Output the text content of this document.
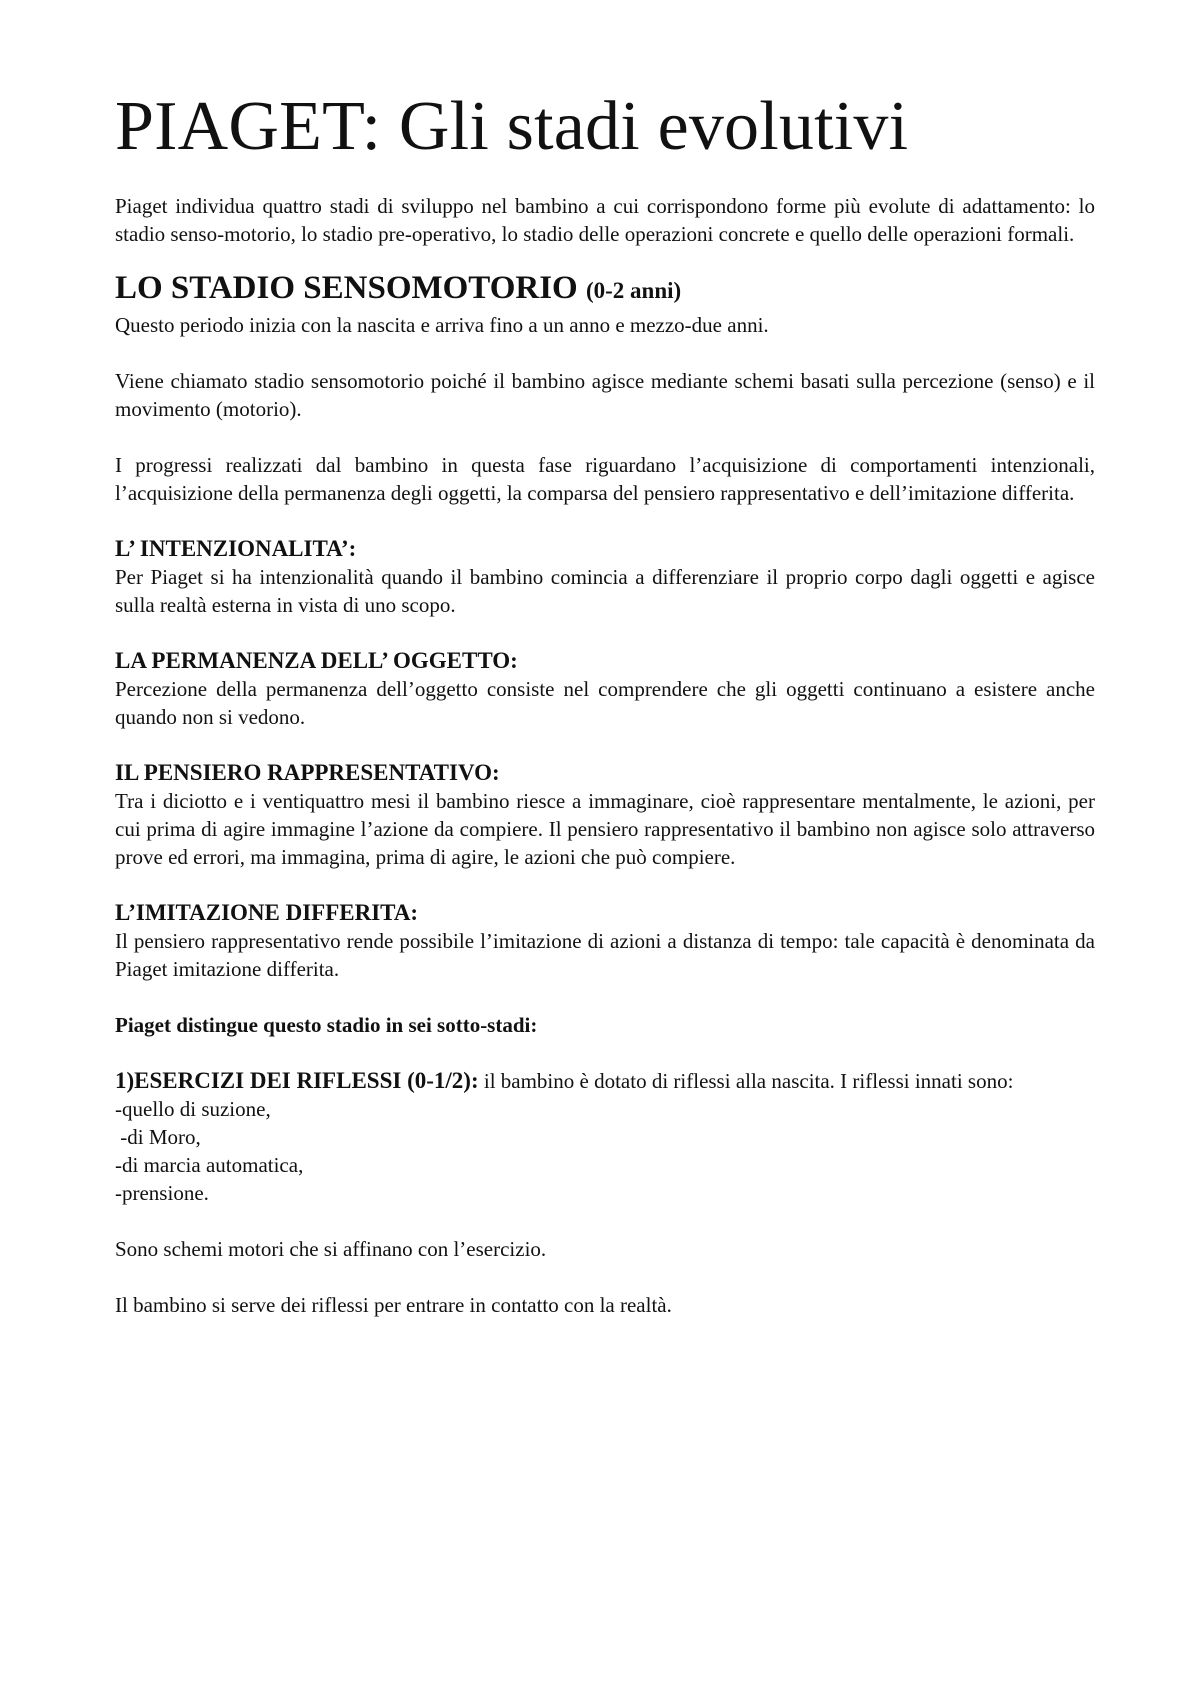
PIAGET: Gli stadi evolutivi

Piaget individua quattro stadi di sviluppo nel bambino a cui corrispondono forme più evolute di adattamento: lo stadio senso-motorio, lo stadio pre-operativo, lo stadio delle operazioni concrete e quello delle operazioni formali.

LO STADIO SENSOMOTORIO (0-2 anni)

Questo periodo inizia con la nascita e arriva fino a un anno e mezzo-due anni.

Viene chiamato stadio sensomotorio poiché il bambino agisce mediante schemi basati sulla percezione (senso) e il movimento (motorio).

I progressi realizzati dal bambino in questa fase riguardano l’acquisizione di comportamenti intenzionali, l’acquisizione della permanenza degli oggetti, la comparsa del pensiero rappresentativo e dell’imitazione differita.

L’ INTENZIONALITA’:

Per Piaget si ha intenzionalità quando il bambino comincia a differenziare il proprio corpo dagli oggetti e agisce sulla realtà esterna in vista di uno scopo.

LA PERMANENZA DELL’ OGGETTO:

Percezione della permanenza dell’oggetto consiste nel comprendere che gli oggetti continuano a esistere anche quando non si vedono.

IL PENSIERO RAPPRESENTATIVO:

Tra i diciotto e i ventiquattro mesi il bambino riesce a immaginare, cioè rappresentare mentalmente, le azioni, per cui prima di agire immagine l’azione da compiere. Il pensiero rappresentativo il bambino non agisce solo attraverso prove ed errori, ma immagina, prima di agire, le azioni che può compiere.

L’IMITAZIONE DIFFERITA:

Il pensiero rappresentativo rende possibile l’imitazione di azioni a distanza di tempo: tale capacità è denominata da Piaget imitazione differita.

Piaget distingue questo stadio in sei sotto-stadi:

1)ESERCIZI DEI RIFLESSI (0-1/2): il bambino è dotato di riflessi alla nascita. I riflessi innati sono:

-quello di suzione,
-di Moro,
-di marcia automatica,
-prensione.

Sono schemi motori che si affinano con l’esercizio.

Il bambino si serve dei riflessi per entrare in contatto con la realtà.
